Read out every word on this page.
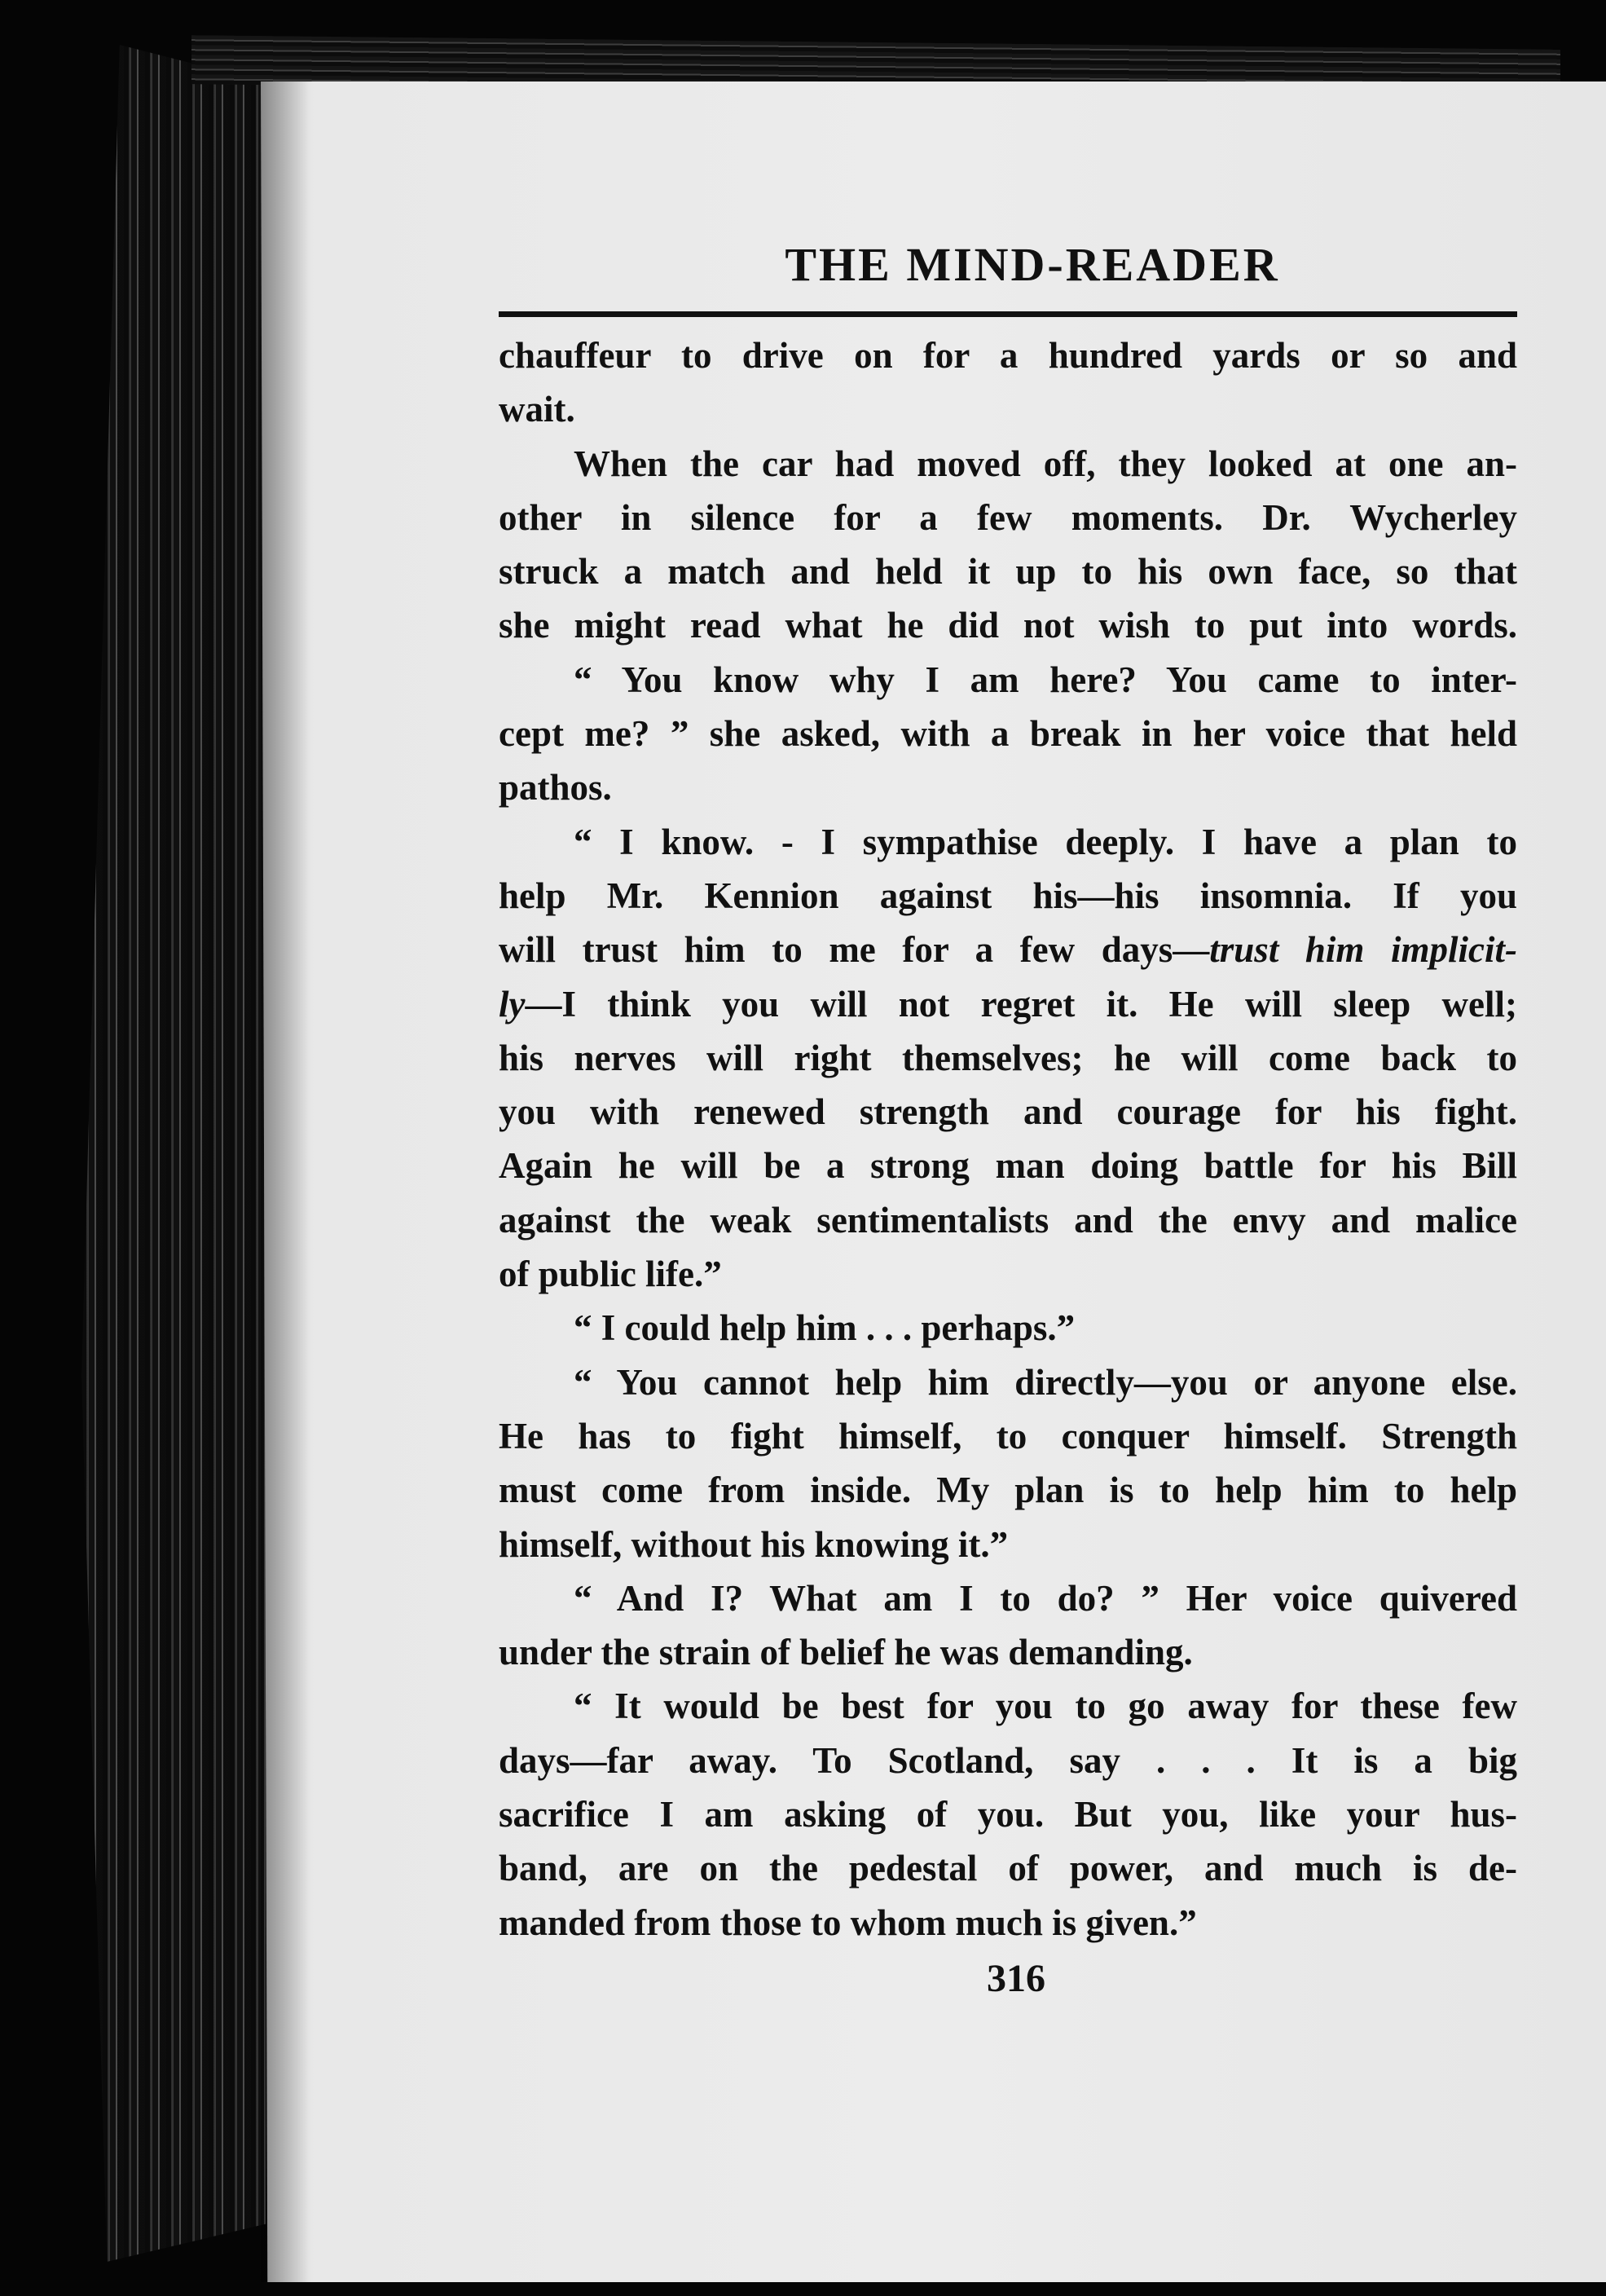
THE MIND-READER

chauffeur to drive on for a hundred yards or so and
wait.

When the car had moved off, they looked at one an-
other in silence for a few moments. Dr. Wycherley
struck a match and held it up to his own face, so that
she might read what he did not wish to put into words.

“ You know why I am here? You came to inter-
cept me? ” she asked, with a break in her voice that held
pathos.

“ I know. - I sympathise deeply. I have a plan to
help Mr. Kennion against his—his insomnia. If you
will trust him to me for a few days—trust him implicit-
ly—I think you will not regret it. He will sleep well;
his nerves will right themselves; he will come back to
you with renewed strength and courage for his fight.
Again he will be a strong man doing battle for his Bill
against the weak sentimentalists and the envy and malice
of public life.”

“ I could help him . . . perhaps.”

“ You cannot help him directly—you or anyone else.
He has to fight himself, to conquer himself. Strength
must come from inside. My plan is to help him to help
himself, without his knowing it.”

“ And I? What am I to do? ” Her voice quivered
under the strain of belief he was demanding.

“ It would be best for you to go away for these few
days—far away. To Scotland, say . . . It is a big
sacrifice I am asking of you. But you, like your hus-
band, are on the pedestal of power, and much is de-
manded from those to whom much is given.”

316
